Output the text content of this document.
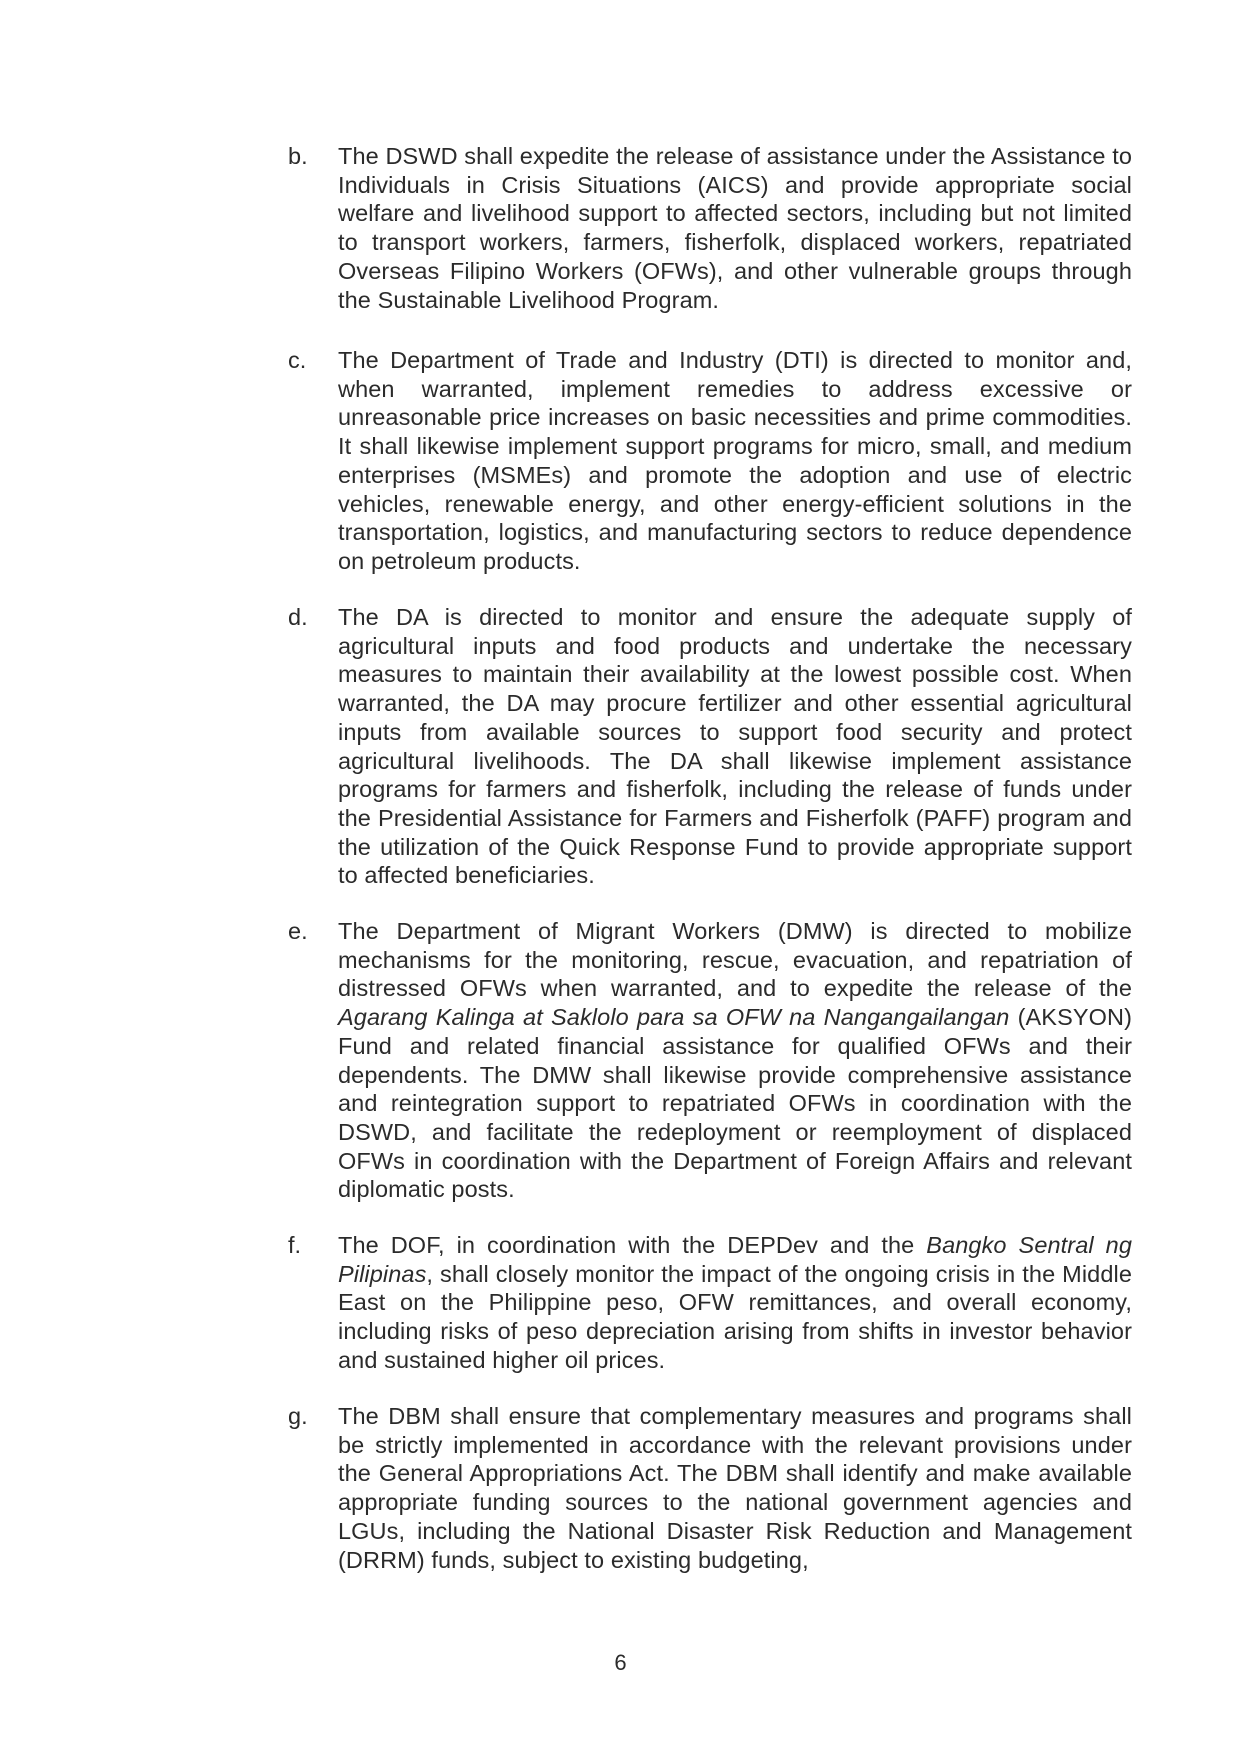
b.	The DSWD shall expedite the release of assistance under the Assistance to Individuals in Crisis Situations (AICS) and provide appropriate social welfare and livelihood support to affected sectors, including but not limited to transport workers, farmers, fisherfolk, displaced workers, repatriated Overseas Filipino Workers (OFWs), and other vulnerable groups through the Sustainable Livelihood Program.
c.	The Department of Trade and Industry (DTI) is directed to monitor and, when warranted, implement remedies to address excessive or unreasonable price increases on basic necessities and prime commodities. It shall likewise implement support programs for micro, small, and medium enterprises (MSMEs) and promote the adoption and use of electric vehicles, renewable energy, and other energy-efficient solutions in the transportation, logistics, and manufacturing sectors to reduce dependence on petroleum products.
d.	The DA is directed to monitor and ensure the adequate supply of agricultural inputs and food products and undertake the necessary measures to maintain their availability at the lowest possible cost. When warranted, the DA may procure fertilizer and other essential agricultural inputs from available sources to support food security and protect agricultural livelihoods. The DA shall likewise implement assistance programs for farmers and fisherfolk, including the release of funds under the Presidential Assistance for Farmers and Fisherfolk (PAFF) program and the utilization of the Quick Response Fund to provide appropriate support to affected beneficiaries.
e.	The Department of Migrant Workers (DMW) is directed to mobilize mechanisms for the monitoring, rescue, evacuation, and repatriation of distressed OFWs when warranted, and to expedite the release of the Agarang Kalinga at Saklolo para sa OFW na Nangangailangan (AKSYON) Fund and related financial assistance for qualified OFWs and their dependents. The DMW shall likewise provide comprehensive assistance and reintegration support to repatriated OFWs in coordination with the DSWD, and facilitate the redeployment or reemployment of displaced OFWs in coordination with the Department of Foreign Affairs and relevant diplomatic posts.
f.	The DOF, in coordination with the DEPDev and the Bangko Sentral ng Pilipinas, shall closely monitor the impact of the ongoing crisis in the Middle East on the Philippine peso, OFW remittances, and overall economy, including risks of peso depreciation arising from shifts in investor behavior and sustained higher oil prices.
g.	The DBM shall ensure that complementary measures and programs shall be strictly implemented in accordance with the relevant provisions under the General Appropriations Act. The DBM shall identify and make available appropriate funding sources to the national government agencies and LGUs, including the National Disaster Risk Reduction and Management (DRRM) funds, subject to existing budgeting,
6
